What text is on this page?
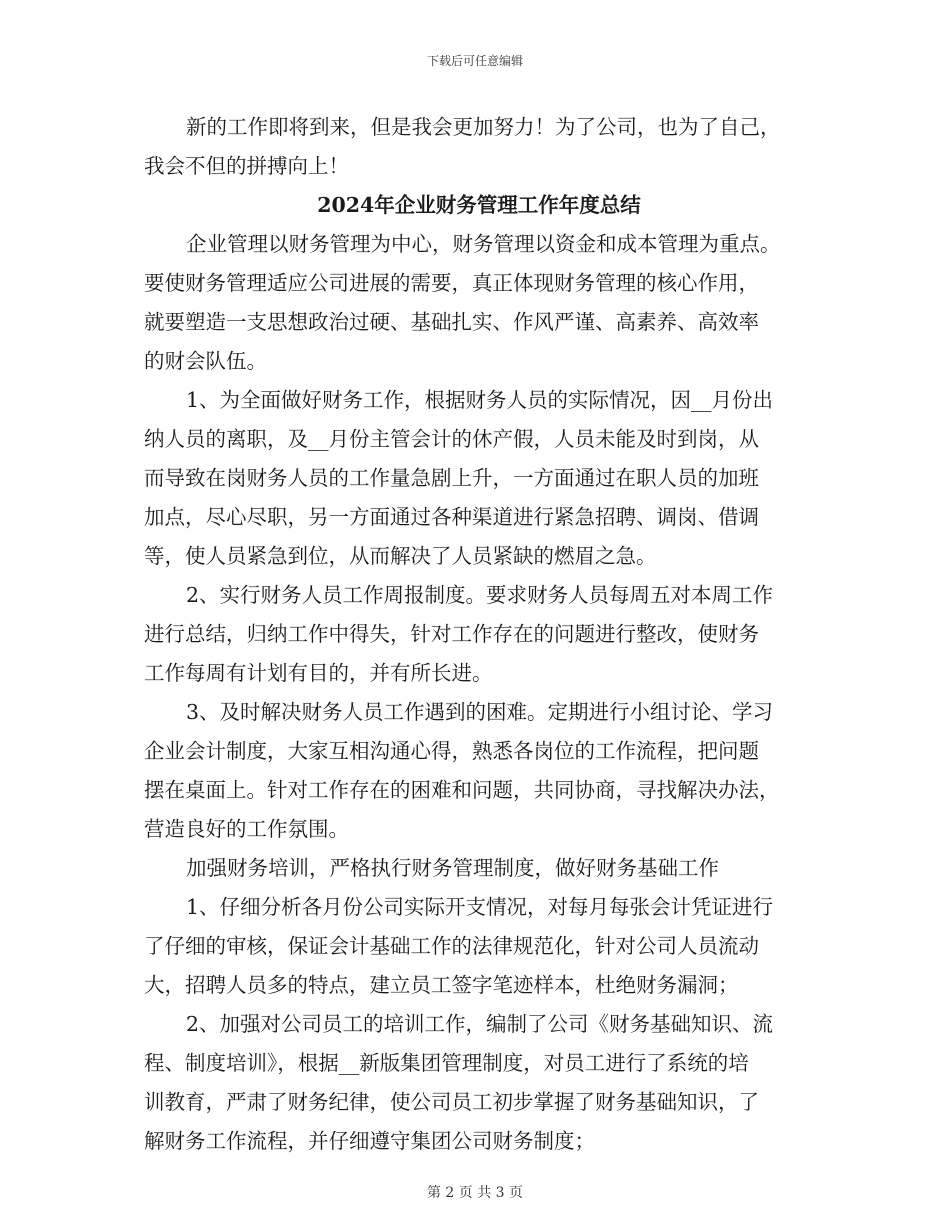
下载后可任意编辑
新的工作即将到来，但是我会更加努力！为了公司，也为了自己，
我会不但的拼搏向上！
2024年企业财务管理工作年度总结
企业管理以财务管理为中心，财务管理以资金和成本管理为重点。
要使财务管理适应公司进展的需要，真正体现财务管理的核心作用，
就要塑造一支思想政治过硬、基础扎实、作风严谨、高素养、高效率
的财会队伍。
1、为全面做好财务工作，根据财务人员的实际情况，因__月份出
纳人员的离职，及__月份主管会计的休产假，人员未能及时到岗，从
而导致在岗财务人员的工作量急剧上升，一方面通过在职人员的加班
加点，尽心尽职，另一方面通过各种渠道进行紧急招聘、调岗、借调
等，使人员紧急到位，从而解决了人员紧缺的燃眉之急。
2、实行财务人员工作周报制度。要求财务人员每周五对本周工作
进行总结，归纳工作中得失，针对工作存在的问题进行整改，使财务
工作每周有计划有目的，并有所长进。
3、及时解决财务人员工作遇到的困难。定期进行小组讨论、学习
企业会计制度，大家互相沟通心得，熟悉各岗位的工作流程，把问题
摆在桌面上。针对工作存在的困难和问题，共同协商，寻找解决办法，
营造良好的工作氛围。
加强财务培训，严格执行财务管理制度，做好财务基础工作
1、仔细分析各月份公司实际开支情况，对每月每张会计凭证进行
了仔细的审核，保证会计基础工作的法律规范化，针对公司人员流动
大，招聘人员多的特点，建立员工签字笔迹样本，杜绝财务漏洞；
2、加强对公司员工的培训工作，编制了公司《财务基础知识、流
程、制度培训》，根据__新版集团管理制度，对员工进行了系统的培
训教育，严肃了财务纪律，使公司员工初步掌握了财务基础知识，了
解财务工作流程，并仔细遵守集团公司财务制度；
第 2 页 共 3 页
